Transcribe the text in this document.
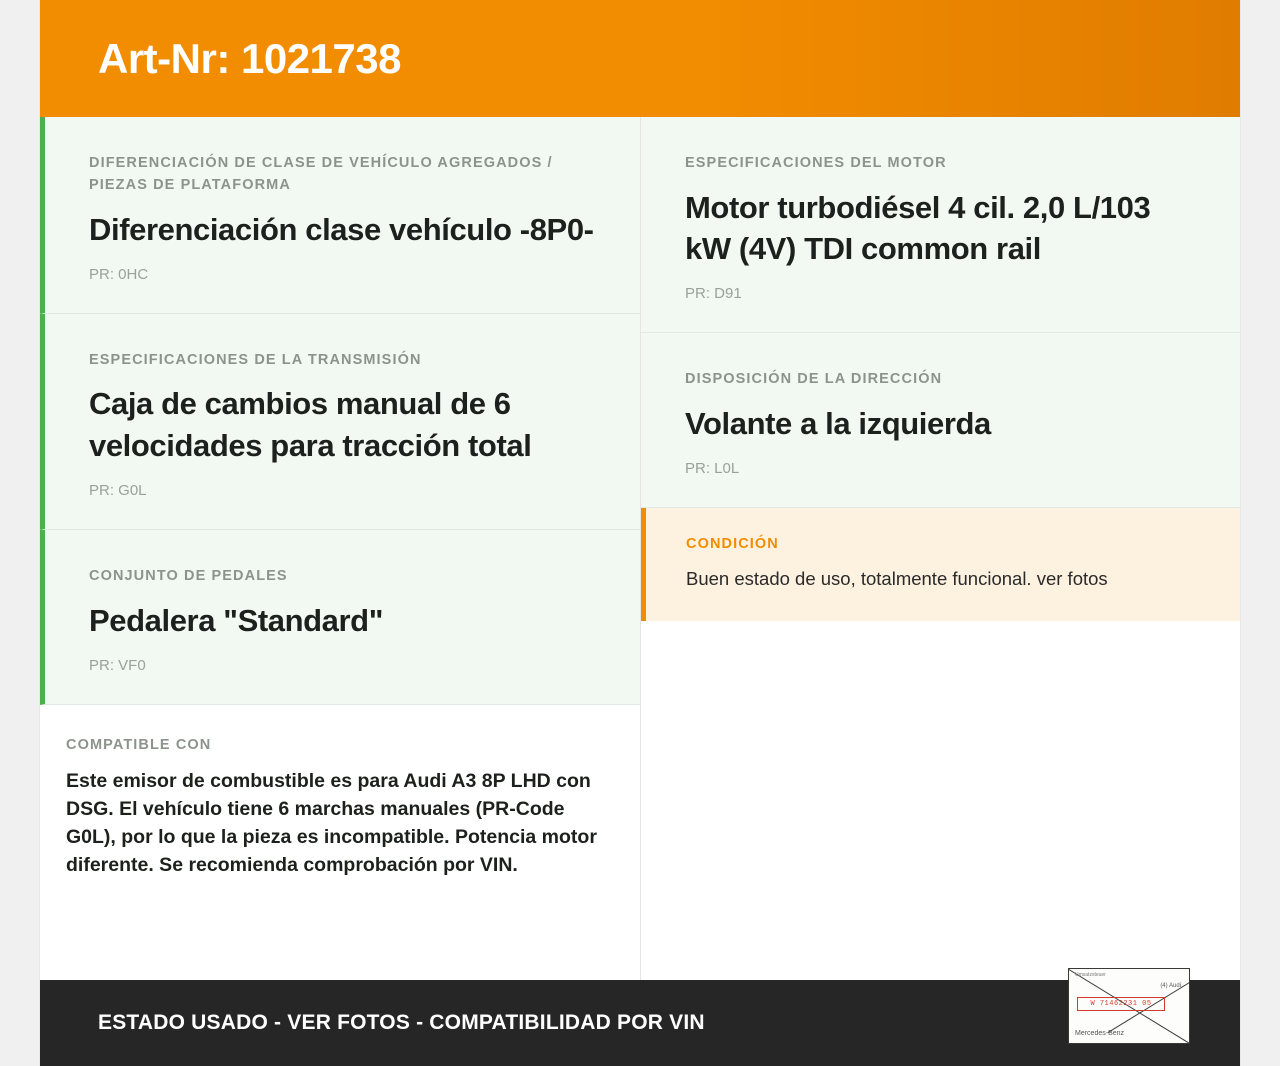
Art-Nr: 1021738
DIFERENCIACIÓN DE CLASE DE VEHÍCULO AGREGADOS / PIEZAS DE PLATAFORMA
Diferenciación clase vehículo -8P0-
PR: 0HC
ESPECIFICACIONES DE LA TRANSMISIÓN
Caja de cambios manual de 6 velocidades para tracción total
PR: G0L
CONJUNTO DE PEDALES
Pedalera "Standard"
PR: VF0
COMPATIBLE CON
Este emisor de combustible es para Audi A3 8P LHD con DSG. El vehículo tiene 6 marchas manuales (PR-Code G0L), por lo que la pieza es incompatible. Potencia motor diferente. Se recomienda comprobación por VIN.
ESPECIFICACIONES DEL MOTOR
Motor turbodiésel 4 cil. 2,0 L/103 kW (4V) TDI common rail
PR: D91
DISPOSICIÓN DE LA DIRECCIÓN
Volante a la izquierda
PR: L0L
CONDICIÓN
Buen estado de uso, totalmente funcional. ver fotos
ESTADO USADO - VER FOTOS - COMPATIBILIDAD POR VIN
Umsatzsteuer
(4) Audi
W 71462231 05
Mercedes-Benz
